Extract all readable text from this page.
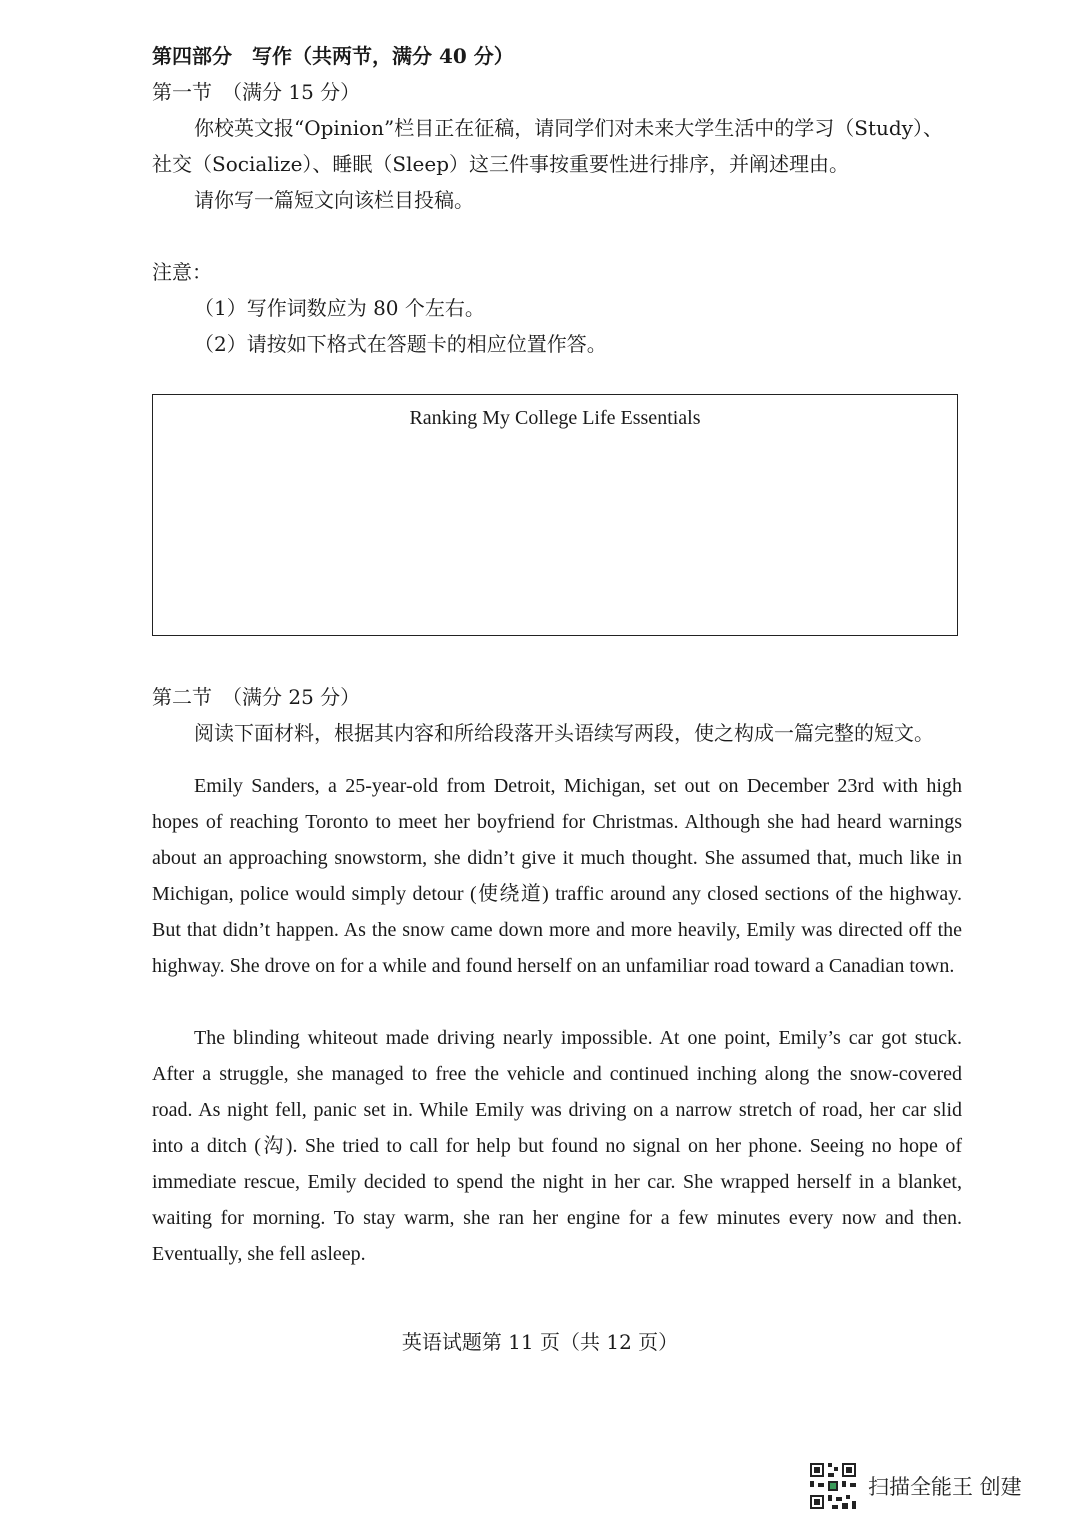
第四部分　写作（共两节，满分 40 分）
第一节　（满分 15 分）
你校英文报“Opinion”栏目正在征稿，请同学们对未来大学生活中的学习（Study）、
社交（Socialize）、睡眠（Sleep）这三件事按重要性进行排序，并阐述理由。
请你写一篇短文向该栏目投稿。
注意：
（1）写作词数应为 80 个左右。
（2）请按如下格式在答题卡的相应位置作答。
Ranking My College Life Essentials
第二节　（满分 25 分）
阅读下面材料，根据其内容和所给段落开头语续写两段，使之构成一篇完整的短文。
Emily Sanders, a 25-year-old from Detroit, Michigan, set out on December 23rd with high hopes of reaching Toronto to meet her boyfriend for Christmas. Although she had heard warnings about an approaching snowstorm, she didn’t give it much thought. She assumed that, much like in Michigan, police would simply detour (使绕道) traffic around any closed sections of the highway. But that didn’t happen. As the snow came down more and more heavily, Emily was directed off the highway. She drove on for a while and found herself on an unfamiliar road toward a Canadian town.
The blinding whiteout made driving nearly impossible. At one point, Emily’s car got stuck. After a struggle, she managed to free the vehicle and continued inching along the snow-covered road. As night fell, panic set in. While Emily was driving on a narrow stretch of road, her car slid into a ditch (沟). She tried to call for help but found no signal on her phone. Seeing no hope of immediate rescue, Emily decided to spend the night in her car. She wrapped herself in a blanket, waiting for morning. To stay warm, she ran her engine for a few minutes every now and then. Eventually, she fell asleep.
英语试题第 11 页（共 12 页）
扫描全能王 创建
